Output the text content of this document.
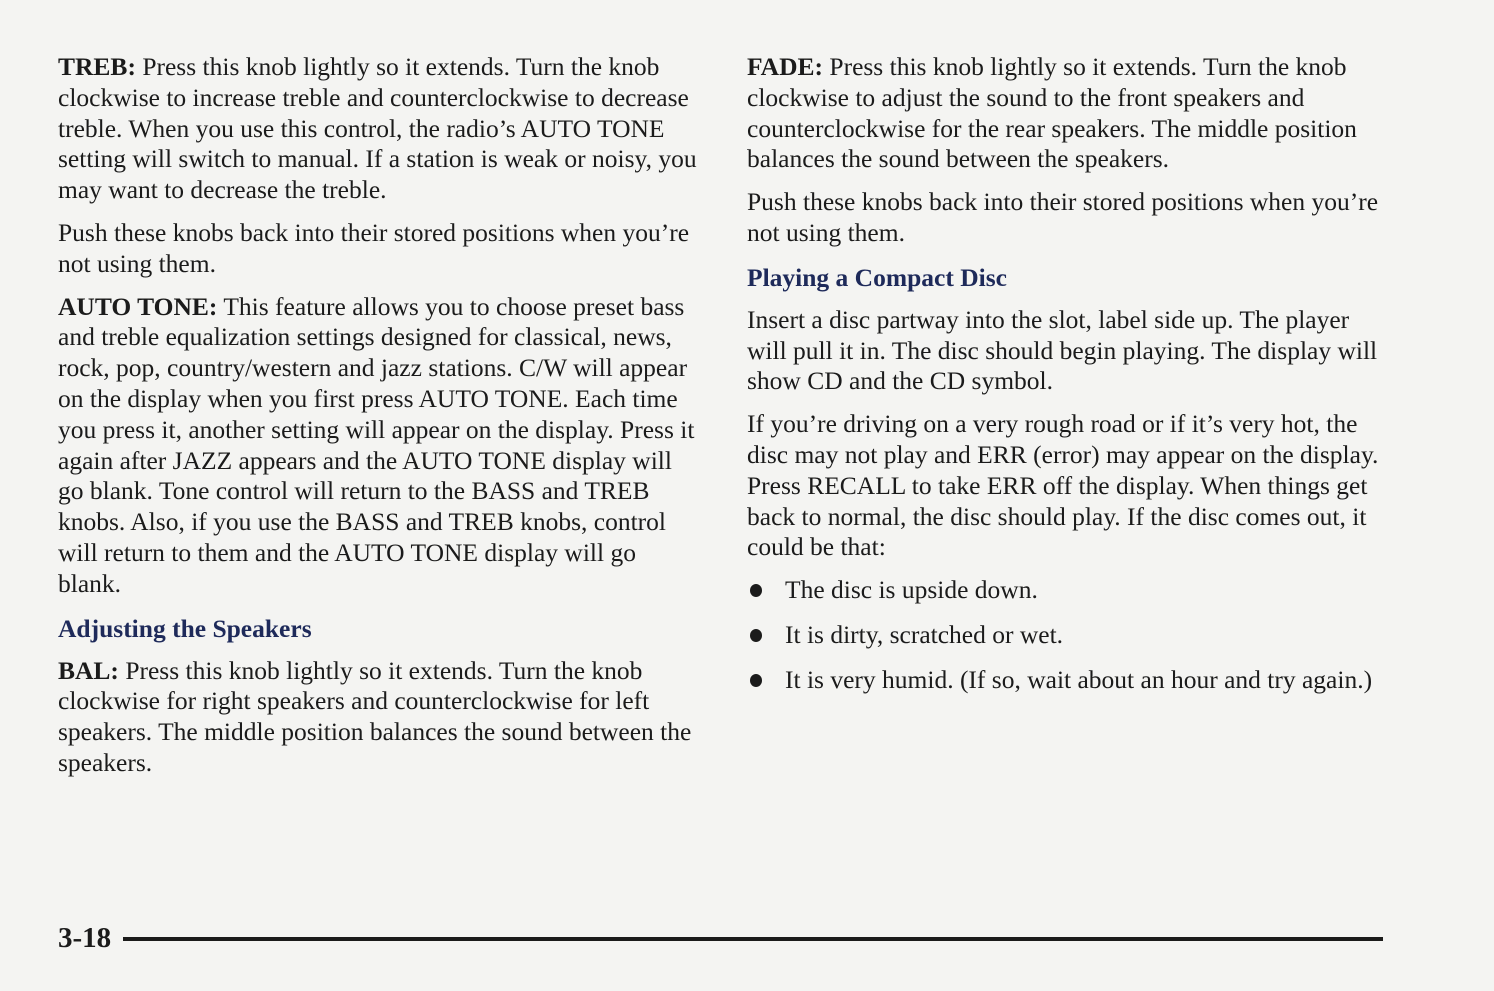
TREB: Press this knob lightly so it extends. Turn the knob clockwise to increase treble and counterclockwise to decrease treble. When you use this control, the radio’s AUTO TONE setting will switch to manual. If a station is weak or noisy, you may want to decrease the treble.

Push these knobs back into their stored positions when you’re not using them.

AUTO TONE: This feature allows you to choose preset bass and treble equalization settings designed for classical, news, rock, pop, country/western and jazz stations. C/W will appear on the display when you first press AUTO TONE. Each time you press it, another setting will appear on the display. Press it again after JAZZ appears and the AUTO TONE display will go blank. Tone control will return to the BASS and TREB knobs. Also, if you use the BASS and TREB knobs, control will return to them and the AUTO TONE display will go blank.

Adjusting the Speakers

BAL: Press this knob lightly so it extends. Turn the knob clockwise for right speakers and counterclockwise for left speakers. The middle position balances the sound between the speakers.

FADE: Press this knob lightly so it extends. Turn the knob clockwise to adjust the sound to the front speakers and counterclockwise for the rear speakers. The middle position balances the sound between the speakers.

Push these knobs back into their stored positions when you’re not using them.

Playing a Compact Disc

Insert a disc partway into the slot, label side up. The player will pull it in. The disc should begin playing. The display will show CD and the CD symbol.

If you’re driving on a very rough road or if it’s very hot, the disc may not play and ERR (error) may appear on the display. Press RECALL to take ERR off the display. When things get back to normal, the disc should play. If the disc comes out, it could be that:

The disc is upside down.
It is dirty, scratched or wet.
It is very humid. (If so, wait about an hour and try again.)
3-18
